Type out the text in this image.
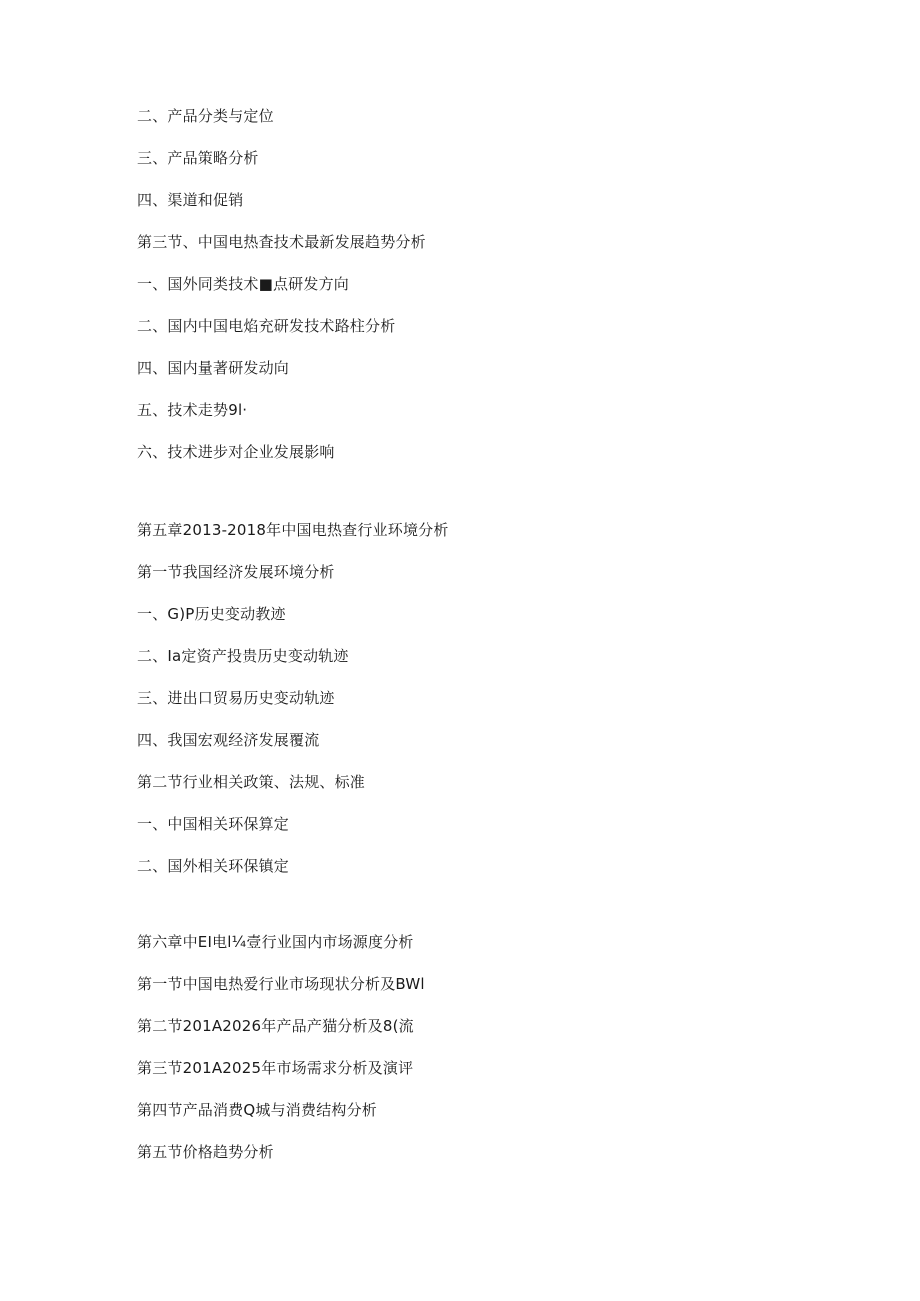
二、产品分类与定位
三、产品策略分析
四、渠道和促销
第三节、中国电热査技术最新发展趋势分析
一、国外同类技术■点研发方向
二、国内中国电焰充研发技术路柱分析
四、国内量著研发动向
五、技术走势9l·
六、技术进步对企业发展影响
第五章2013-2018年中国电热查行业环境分析
第一节我国经济发展环境分析
一、G)P历史变动教迹
二、Ia定资产投贵历史变动轨迹
三、进出口贸易历史变动轨迹
四、我国宏观经济发展覆流
第二节行业相关政策、法规、标准
一、中国相关环保算定
二、国外相关环保镇定
第六章中EI电l¼壹行业国内市场源度分析
第一节中国电热爱行业市场现状分析及BWl
第二节201A2026年产品产猫分析及8(流
第三节201A2025年市场需求分析及演评
第四节产品消费Q城与消费结构分析
第五节价格趋势分析
